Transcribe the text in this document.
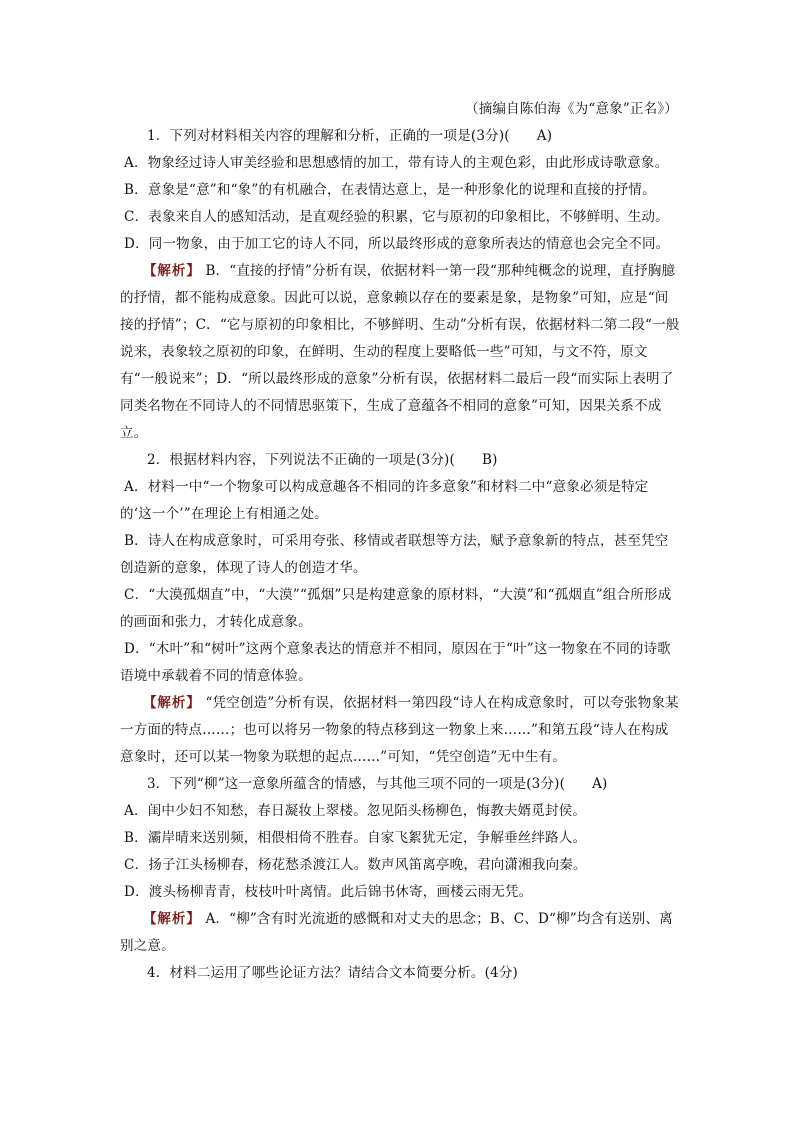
（摘编自陈伯海《为“意象”正名》）

1．下列对材料相关内容的理解和分析，正确的一项是(3分)( A)

A．物象经过诗人审美经验和思想感情的加工，带有诗人的主观色彩，由此形成诗歌意象。

B．意象是“意”和“象”的有机融合，在表情达意上，是一种形象化的说理和直接的抒情。

C．表象来自人的感知活动，是直观经验的积累，它与原初的印象相比，不够鲜明、生动。

D．同一物象，由于加工它的诗人不同，所以最终形成的意象所表达的情意也会完全不同。

【解析】 B．“直接的抒情”分析有误，依据材料一第一段“那种纯概念的说理，直抒胸臆的抒情，都不能构成意象。因此可以说，意象赖以存在的要素是象，是物象”可知，应是“间接的抒情”；C．“它与原初的印象相比，不够鲜明、生动”分析有误，依据材料二第二段“一般说来，表象较之原初的印象，在鲜明、生动的程度上要略低一些”可知，与文不符，原文有“一般说来”；D．“所以最终形成的意象”分析有误，依据材料二最后一段“而实际上表明了同类名物在不同诗人的不同情思驱策下，生成了意蕴各不相同的意象”可知，因果关系不成立。

2．根据材料内容，下列说法不正确的一项是(3分)( B)

A．材料一中“一个物象可以构成意趣各不相同的许多意象”和材料二中“意象必须是特定的‘这一个’”在理论上有相通之处。

B．诗人在构成意象时，可采用夸张、移情或者联想等方法，赋予意象新的特点，甚至凭空创造新的意象，体现了诗人的创造才华。

C．“大漠孤烟直”中，“大漠”“孤烟”只是构建意象的原材料，“大漠”和“孤烟直”组合所形成的画面和张力，才转化成意象。

D．“木叶”和“树叶”这两个意象表达的情意并不相同，原因在于“叶”这一物象在不同的诗歌语境中承载着不同的情意体验。

【解析】 “凭空创造”分析有误，依据材料一第四段“诗人在构成意象时，可以夸张物象某一方面的特点……；也可以将另一物象的特点移到这一物象上来……”和第五段“诗人在构成意象时，还可以某一物象为联想的起点……”可知，“凭空创造”无中生有。

3．下列“柳”这一意象所蕴含的情感，与其他三项不同的一项是(3分)( A)

A．闺中少妇不知愁，春日凝妆上翠楼。忽见陌头杨柳色，悔教夫婿觅封侯。

B．灞岸晴来送别频，相偎相倚不胜春。自家飞絮犹无定，争解垂丝绊路人。

C．扬子江头杨柳春，杨花愁杀渡江人。数声风笛离亭晚，君向潇湘我向秦。

D．渡头杨柳青青，枝枝叶叶离情。此后锦书休寄，画楼云雨无凭。

【解析】 A．“柳”含有时光流逝的感慨和对丈夫的思念；B、C、D“柳”均含有送别、离别之意。

4．材料二运用了哪些论证方法？请结合文本简要分析。(4分)
